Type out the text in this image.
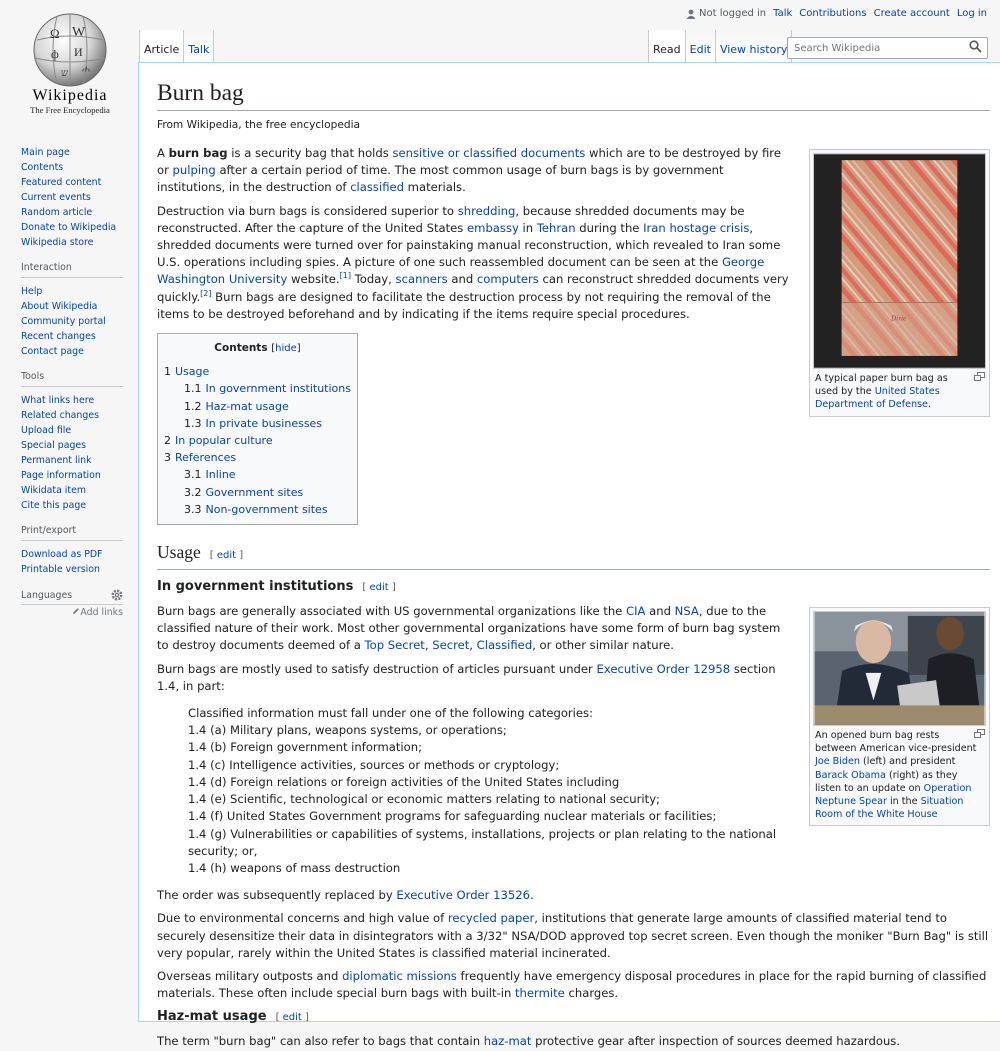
Ω W
ф И
ש ሐ
Wikipedia
The Free Encyclopedia
Not logged in Talk Contributions Create account Log in
Article Talk	Read Edit View history
Search Wikipedia
Main page
Contents
Featured content
Current events
Random article
Donate to Wikipedia
Wikipedia store
Interaction
Help
About Wikipedia
Community portal
Recent changes
Contact page
Tools
What links here
Related changes
Upload file
Special pages
Permanent link
Page information
Wikidata item
Cite this page
Print/export
Download as PDF
Printable version
Languages
Add links
Burn bag
From Wikipedia, the free encyclopedia
Dixie
A typical paper burn bag as used by the United States Department of Defense.

A burn bag is a security bag that holds sensitive or classified documents which are to be destroyed by fire or pulping after a certain period of time. The most common usage of burn bags is by government institutions, in the destruction of classified materials.

Destruction via burn bags is considered superior to shredding, because shredded documents may be reconstructed. After the capture of the United States embassy in Tehran during the Iran hostage crisis, shredded documents were turned over for painstaking manual reconstruction, which revealed to Iran some U.S. operations including spies. A picture of one such reassembled document can be seen at the George Washington University website.[1] Today, scanners and computers can reconstruct shredded documents very quickly.[2] Burn bags are designed to facilitate the destruction process by not requiring the removal of the items to be destroyed beforehand and by indicating if the items require special procedures.

Contents [hide]
1 Usage
1.1 In government institutions
1.2 Haz-mat usage
1.3 In private businesses
2 In popular culture
3 References
3.1 Inline
3.2 Government sites
3.3 Non-government sites
Usage [ edit ]
In government institutions [ edit ]
An opened burn bag rests between American vice-president Joe Biden (left) and president Barack Obama (right) as they listen to an update on Operation Neptune Spear in the Situation Room of the White House

Burn bags are generally associated with US governmental organizations like the CIA and NSA, due to the classified nature of their work. Most other governmental organizations have some form of burn bag system to destroy documents deemed of a Top Secret, Secret, Classified, or other similar nature.

Burn bags are mostly used to satisfy destruction of articles pursuant under Executive Order 12958 section 1.4, in part:

Classified information must fall under one of the following categories:
1.4 (a) Military plans, weapons systems, or operations;
1.4 (b) Foreign government information;
1.4 (c) Intelligence activities, sources or methods or cryptology;
1.4 (d) Foreign relations or foreign activities of the United States including
1.4 (e) Scientific, technological or economic matters relating to national security;
1.4 (f) United States Government programs for safeguarding nuclear materials or facilities;
1.4 (g) Vulnerabilities or capabilities of systems, installations, projects or plan relating to the national security; or,
1.4 (h) weapons of mass destruction

The order was subsequently replaced by Executive Order 13526.

Due to environmental concerns and high value of recycled paper, institutions that generate large amounts of classified material tend to securely desensitize their data in disintegrators with a 3/32" NSA/DOD approved top secret screen. Even though the moniker "Burn Bag" is still very popular, rarely within the United States is classified material incinerated.

Overseas military outposts and diplomatic missions frequently have emergency disposal procedures in place for the rapid burning of classified materials. These often include special burn bags with built-in thermite charges.

Haz-mat usage [ edit ]

The term "burn bag" can also refer to bags that contain haz-mat protective gear after inspection of sources deemed hazardous.
